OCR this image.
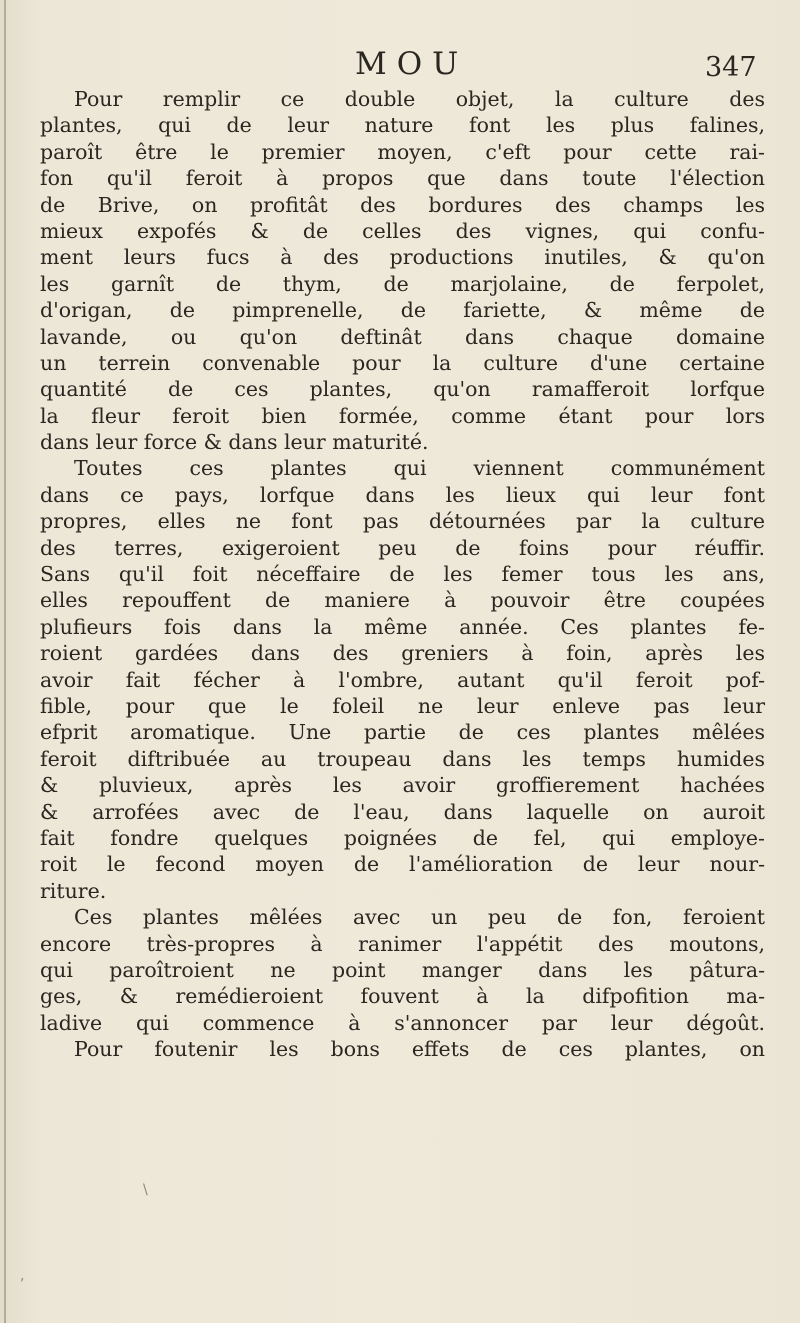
MOU	347
Pour remplir ce double objet, la culture des
plantes, qui de leur nature font les plus falines,
paroît être le premier moyen, c'eft pour cette rai-
fon qu'il feroit à propos que dans toute l'élection
de Brive, on profitât des bordures des champs les
mieux expofés & de celles des vignes, qui confu-
ment leurs fucs à des productions inutiles, & qu'on
les garnît de thym, de marjolaine, de ferpolet,
d'origan, de pimprenelle, de fariette, & même de
lavande, ou qu'on deftinât dans chaque domaine
un terrein convenable pour la culture d'une certaine
quantité de ces plantes, qu'on ramafferoit lorfque
la fleur feroit bien formée, comme étant pour lors
dans leur force & dans leur maturité.
Toutes ces plantes qui viennent communément
dans ce pays, lorfque dans les lieux qui leur font
propres, elles ne font pas détournées par la culture
des terres, exigeroient peu de foins pour réuffir.
Sans qu'il foit néceffaire de les femer tous les ans,
elles repouffent de maniere à pouvoir être coupées
plufieurs fois dans la même année. Ces plantes fe-
roient gardées dans des greniers à foin, après les
avoir fait fécher à l'ombre, autant qu'il feroit pof-
fible, pour que le foleil ne leur enleve pas leur
efprit aromatique. Une partie de ces plantes mêlées
feroit diftribuée au troupeau dans les temps humides
& pluvieux, après les avoir groffierement hachées
& arrofées avec de l'eau, dans laquelle on auroit
fait fondre quelques poignées de fel, qui employe-
roit le fecond moyen de l'amélioration de leur nour-
riture.
Ces plantes mêlées avec un peu de fon, feroient
encore très-propres à ranimer l'appétit des moutons,
qui paroîtroient ne point manger dans les pâtura-
ges, & remédieroient fouvent à la difpofition ma-
ladive qui commence à s'annoncer par leur dégoût.
Pour foutenir les bons effets de ces plantes, on
\
,
